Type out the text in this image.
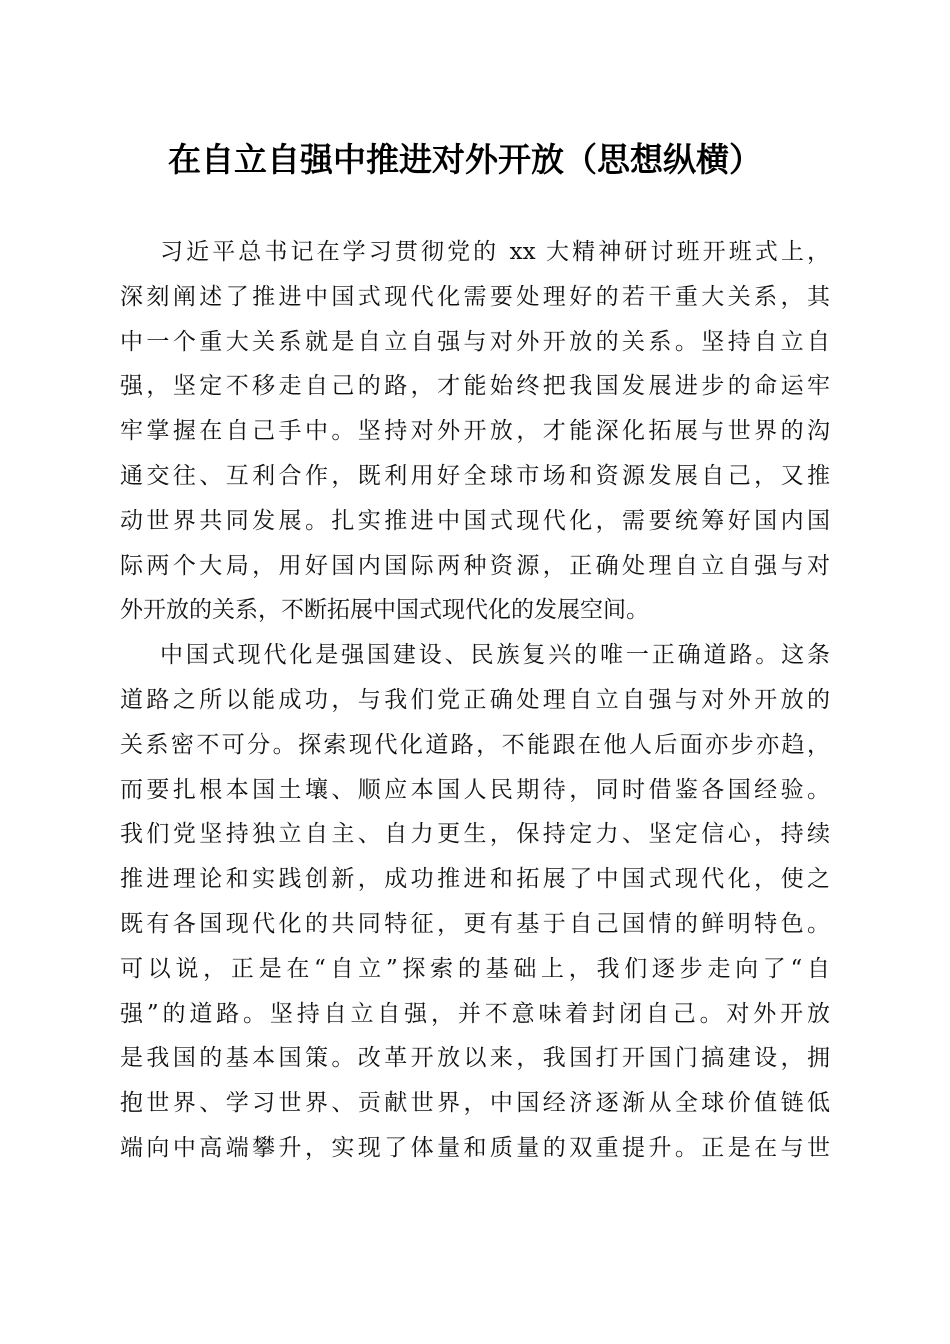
在自立自强中推进对外开放（思想纵横）
习近平总书记在学习贯彻党的 xx 大精神研讨班开班式上，
深刻阐述了推进中国式现代化需要处理好的若干重大关系，其
中一个重大关系就是自立自强与对外开放的关系。坚持自立自
强，坚定不移走自己的路，才能始终把我国发展进步的命运牢
牢掌握在自己手中。坚持对外开放，才能深化拓展与世界的沟
通交往、互利合作，既利用好全球市场和资源发展自己，又推
动世界共同发展。扎实推进中国式现代化，需要统筹好国内国
际两个大局，用好国内国际两种资源，正确处理自立自强与对
外开放的关系，不断拓展中国式现代化的发展空间。
中国式现代化是强国建设、民族复兴的唯一正确道路。这条
道路之所以能成功，与我们党正确处理自立自强与对外开放的
关系密不可分。探索现代化道路，不能跟在他人后面亦步亦趋，
而要扎根本国土壤、顺应本国人民期待，同时借鉴各国经验。
我们党坚持独立自主、自力更生，保持定力、坚定信心，持续
推进理论和实践创新，成功推进和拓展了中国式现代化，使之
既有各国现代化的共同特征，更有基于自己国情的鲜明特色。
可以说，正是在“自立”探索的基础上，我们逐步走向了“自
强”的道路。坚持自立自强，并不意味着封闭自己。对外开放
是我国的基本国策。改革开放以来，我国打开国门搞建设，拥
抱世界、学习世界、贡献世界，中国经济逐渐从全球价值链低
端向中高端攀升，实现了体量和质量的双重提升。正是在与世
